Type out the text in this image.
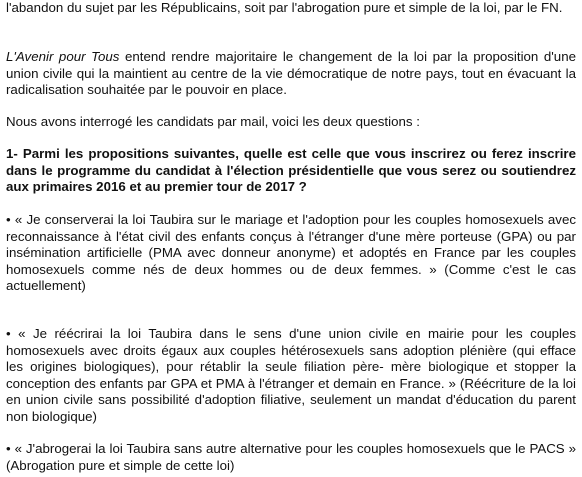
l'abandon du sujet par les Républicains, soit par l'abrogation pure et simple de la loi, par le FN.

L'Avenir pour Tous entend rendre majoritaire le changement de la loi par la proposition d'une union civile qui la maintient au centre de la vie démocratique de notre pays, tout en évacuant la radicalisation souhaitée par le pouvoir en place.

Nous avons interrogé les candidats par mail, voici les deux questions :

1- Parmi les propositions suivantes, quelle est celle que vous inscrirez ou ferez inscrire dans le programme du candidat à l'élection présidentielle que vous serez ou soutiendrez aux primaires 2016 et au premier tour de 2017 ?

• « Je conserverai la loi Taubira sur le mariage et l'adoption pour les couples homosexuels avec reconnaissance à l'état civil des enfants conçus à l'étranger d'une mère porteuse (GPA) ou par insémination artificielle (PMA avec donneur anonyme) et adoptés en France par les couples homosexuels comme nés de deux hommes ou de deux femmes. » (Comme c'est le cas actuellement)

• « Je réécrirai la loi Taubira dans le sens d'une union civile en mairie pour les couples homosexuels avec droits égaux aux couples hétérosexuels sans adoption plénière (qui efface les origines biologiques), pour rétablir la seule filiation père- mère biologique et stopper la conception des enfants par GPA et PMA à l'étranger et demain en France. » (Réécriture de la loi en union civile sans possibilité d'adoption filiative, seulement un mandat d'éducation du parent non biologique)

• « J'abrogerai la loi Taubira sans autre alternative pour les couples homosexuels que le PACS » (Abrogation pure et simple de cette loi)
